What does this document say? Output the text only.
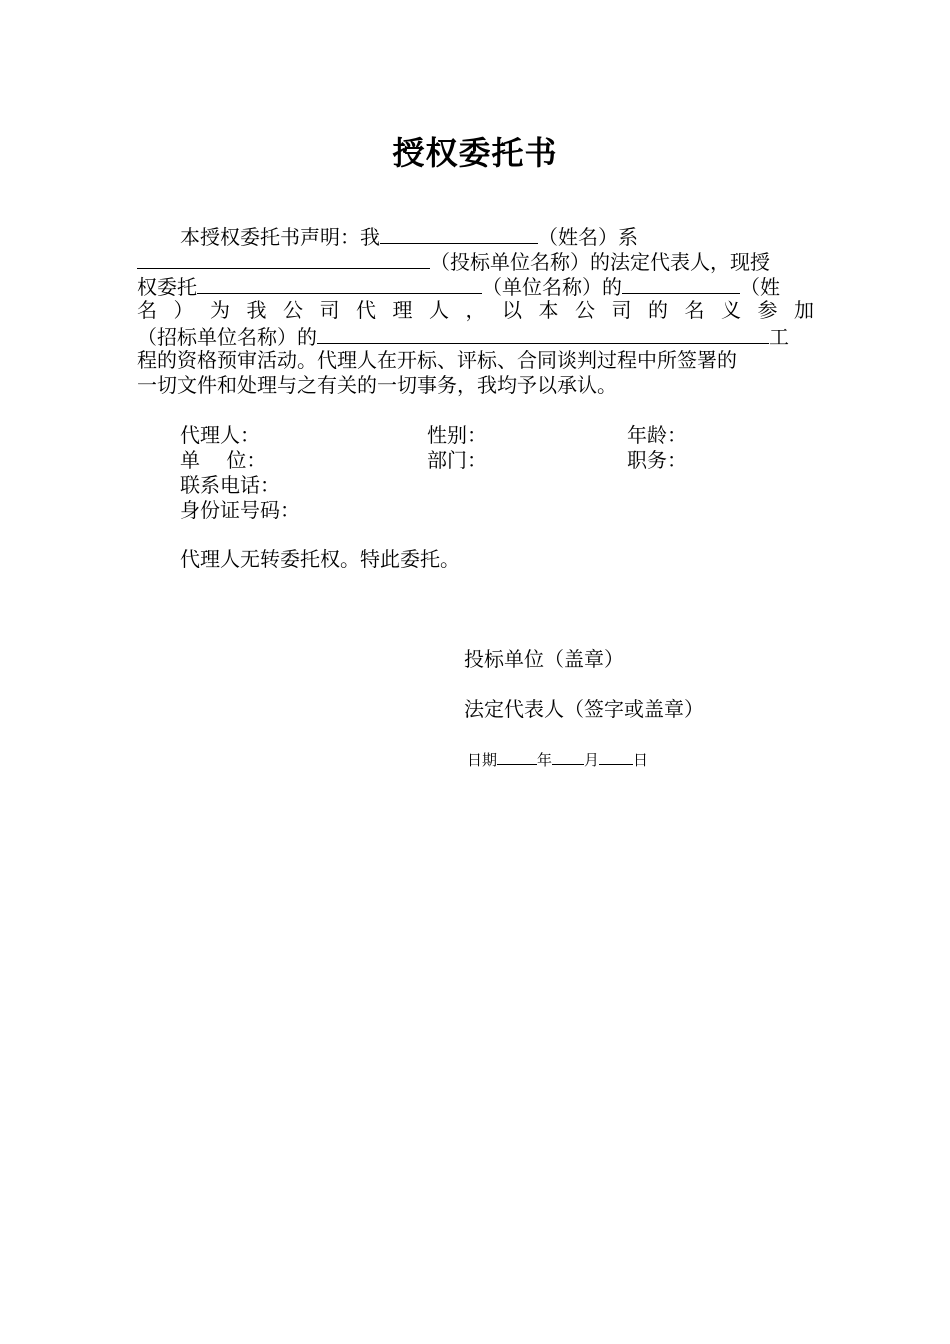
授权委托书
本授权委托书声明：我	（姓名）系
（投标单位名称）的法定代表人，现授
权委托	（单位名称）的	（姓
名 ） 为 我 公 司 代 理 人 ， 以 本 公 司 的 名 义 参 加
（招标单位名称）的	工
程的资格预审活动。代理人在开标、评标、合同谈判过程中所签署的
一切文件和处理与之有关的一切事务，我均予以承认。
代理人：	性别：	年龄：
单　 位：	部门：	职务：
联系电话：
身份证号码：
代理人无转委托权。特此委托。
投标单位（盖章）
法定代表人（签字或盖章）
日期	年 月 日
